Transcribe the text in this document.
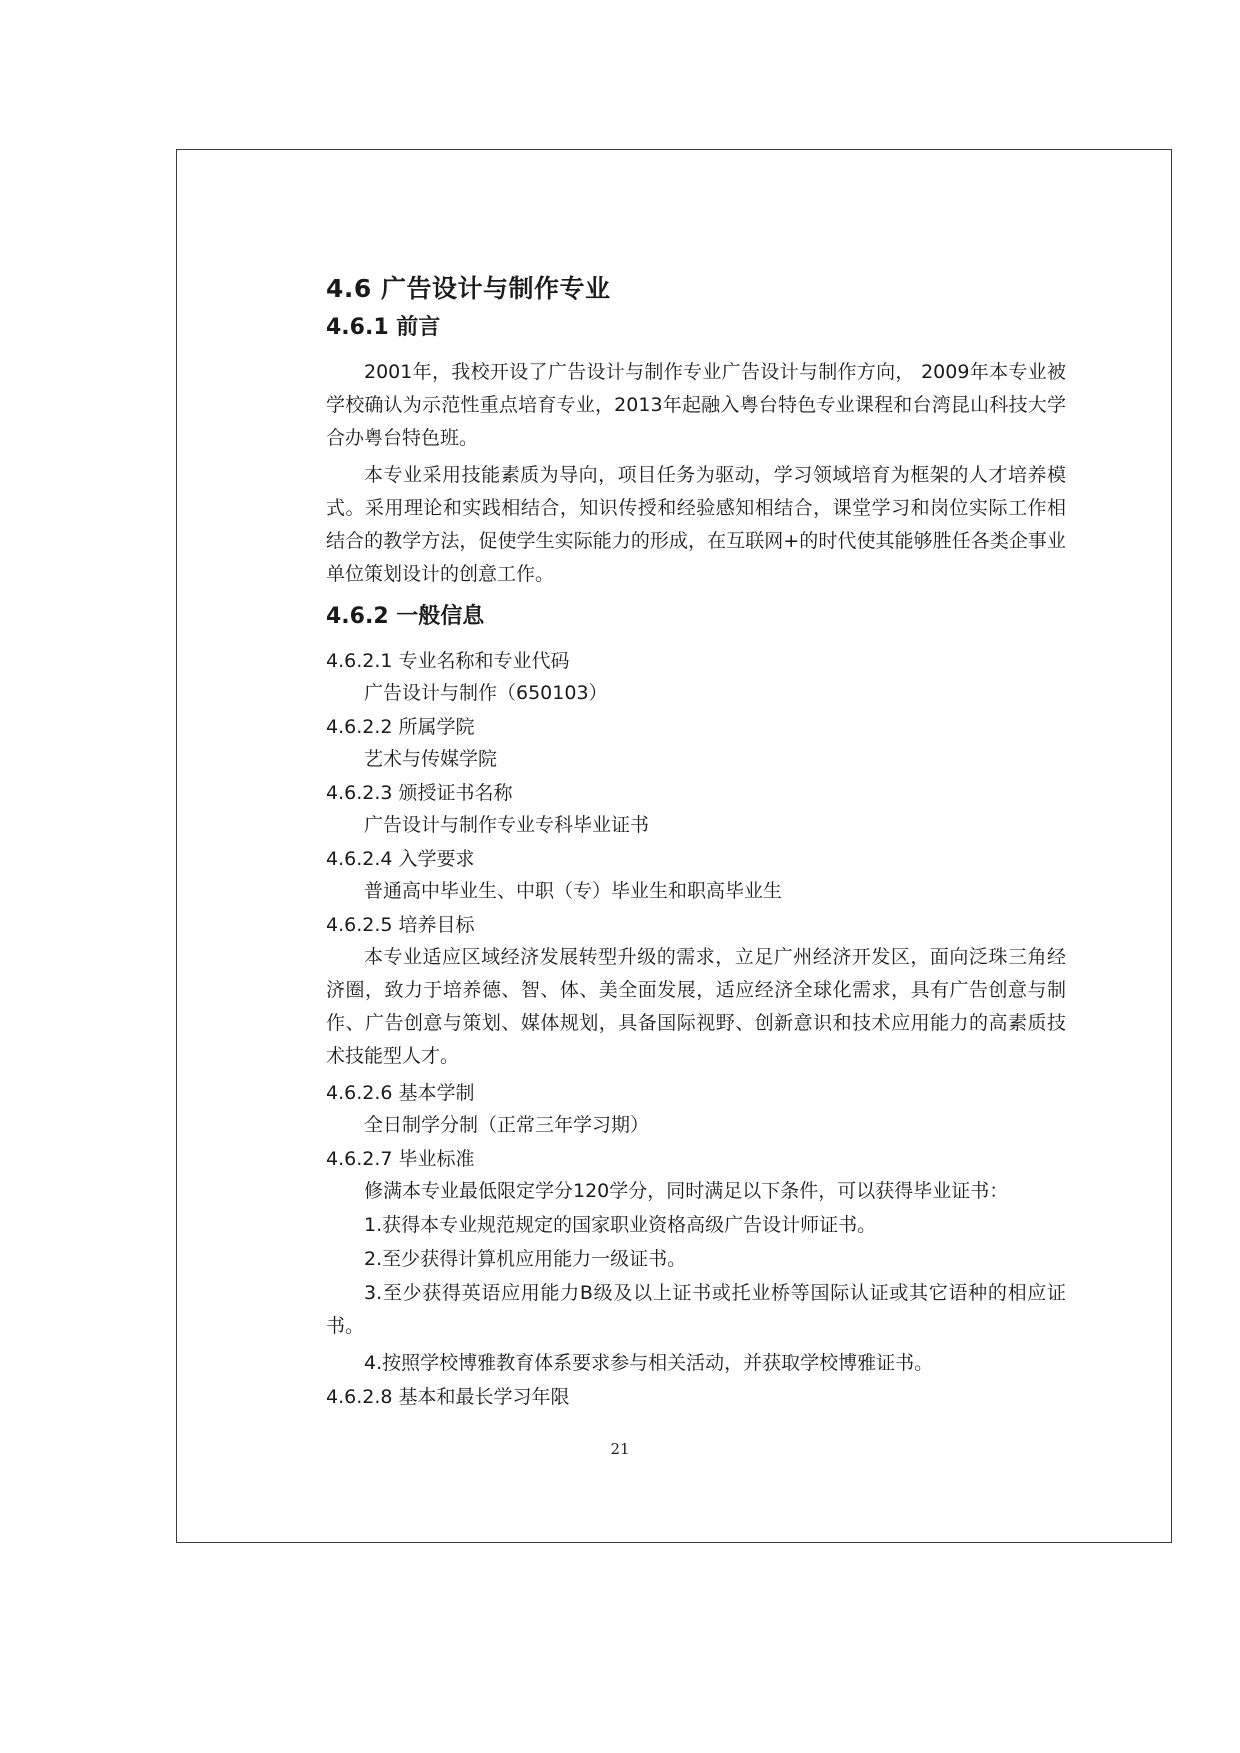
4.6 广告设计与制作专业
4.6.1 前言

2001年，我校开设了广告设计与制作专业广告设计与制作方向， 2009年本专业被学校确认为示范性重点培育专业，2013年起融入粤台特色专业课程和台湾昆山科技大学合办粤台特色班。

本专业采用技能素质为导向，项目任务为驱动，学习领域培育为框架的人才培养模式。采用理论和实践相结合，知识传授和经验感知相结合，课堂学习和岗位实际工作相结合的教学方法，促使学生实际能力的形成，在互联网+的时代使其能够胜任各类企事业单位策划设计的创意工作。

4.6.2 一般信息
4.6.2.1 专业名称和专业代码
广告设计与制作（650103）
4.6.2.2 所属学院
艺术与传媒学院
4.6.2.3 颁授证书名称
广告设计与制作专业专科毕业证书
4.6.2.4 入学要求
普通高中毕业生、中职（专）毕业生和职高毕业生
4.6.2.5 培养目标

本专业适应区域经济发展转型升级的需求，立足广州经济开发区，面向泛珠三角经济圈，致力于培养德、智、体、美全面发展，适应经济全球化需求，具有广告创意与制作、广告创意与策划、媒体规划，具备国际视野、创新意识和技术应用能力的高素质技术技能型人才。

4.6.2.6 基本学制
全日制学分制（正常三年学习期）
4.6.2.7 毕业标准
修满本专业最低限定学分120学分，同时满足以下条件，可以获得毕业证书：
1.获得本专业规范规定的国家职业资格高级广告设计师证书。
2.至少获得计算机应用能力一级证书。

3.至少获得英语应用能力B级及以上证书或托业桥等国际认证或其它语种的相应证书。

4.按照学校博雅教育体系要求参与相关活动，并获取学校博雅证书。
4.6.2.8 基本和最长学习年限
21
